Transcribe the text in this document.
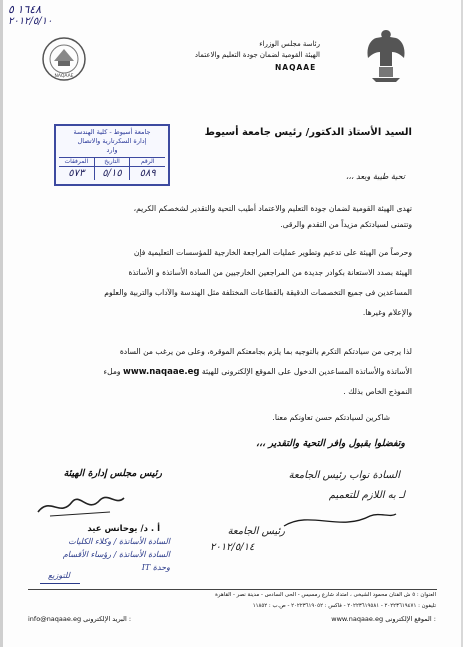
١٦٤٨ ٥
٢٠١٢/٥/١٠
NAQAAE
رئاسة مجلس الوزراء
الهيئة القومية لضمان جودة التعليم والاعتماد
NAQAAE
جامعة أسيوط - كلية الهندسة
إدارة السكرتارية والاتصال
وارد
المرفقات
٥٧٣
التاريخ
٥/١٥
الرقم
٥٨٩
السيد الأستاذ الدكتور/ رئيس جامعة أسيوط
تحية طيبة وبعد ،،،
تهدى الهيئة القومية لضمان جودة التعليم والاعتماد أطيب التحية والتقدير لشخصكم الكريم،
وتتمنى لسيادتكم مزيداً من التقدم والرقى.
وحرصاً من الهيئة على تدعيم وتطوير عمليات المراجعة الخارجية للمؤسسات التعليمية فإن
الهيئة بصدد الاستعانة بكوادر جديدة من المراجعين الخارجيين من السادة الأساتذة و الأساتذة
المساعدين فى جميع التخصصات الدقيقة بالقطاعات المختلفة مثل الهندسة والآداب والتربية والعلوم
والإعلام وغيرها.
لذا يرجى من سيادتكم التكرم بالتوجيه بما يلزم بجامعتكم الموقرة، وعلى من يرغب من السادة
الأساتذة والأساتذة المساعدين الدخول على الموقع الإلكترونى للهيئة www.naqaae.eg وملء
النموذج الخاص بذلك .
شاكرين لسيادتكم حسن تعاونكم معنا.
وتفضلوا بقبول وافر التحية والتقدير ،،،
رئيس مجلس إدارة الهيئة
أ . د/ يوحانس عيد
السادة الأساتذة / وكلاء الكليات
السادة الأساتذة / رؤساء الأقسام
وحدة IT
للتوزيع
السادة نواب رئيس الجامعة
لـ به اللازم للتعميم
رئيس الجامعة
٢٠١٢/٥/١٤
العنوان : ٥ ش الفنان محمود الشيخى ، امتداد شارع رمسيس - الحى السادس - مدينة نصر - القاهرة
تليفون : ٢٠٢٢٣٦١٩٤٧١ - ٢٠٢٢٣٦١٩٥٨١ - فاكس : ٢٠٢٢٣٦١٩٠٥٢ - ص.ب : ١١٨٥٢
info@naqaae.eg البريد الإلكترونى :	www.naqaae.eg الموقع الإلكترونى :
